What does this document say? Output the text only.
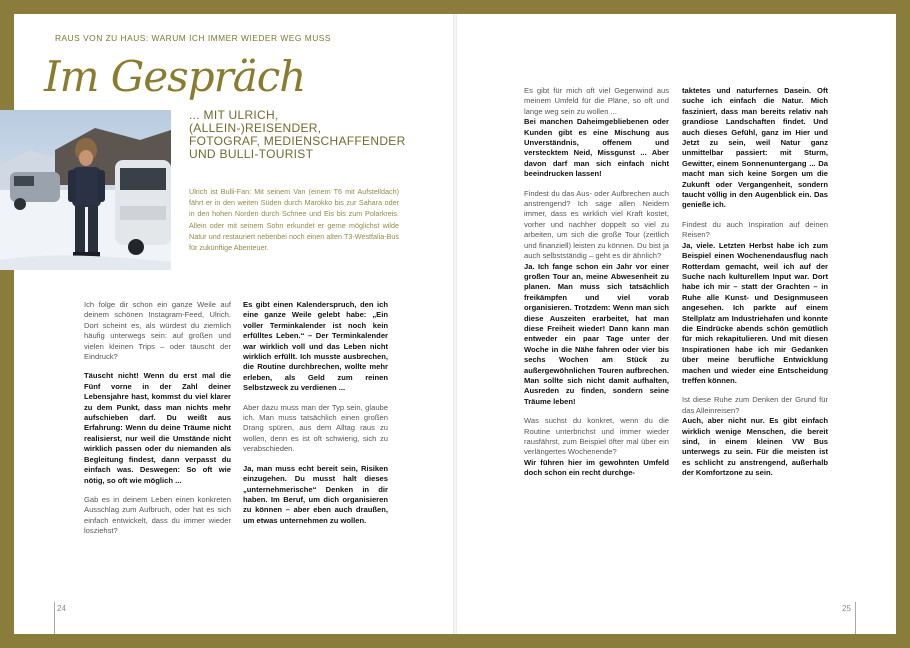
RAUS VON ZU HAUS: WARUM ICH IMMER WIEDER WEG MUSS
Im Gespräch
... MIT ULRICH,
(ALLEIN-)REISENDER,
FOTOGRAF, MEDIENSCHAFFENDER
UND BULLI-TOURIST
Ulrich ist Bulli-Fan: Mit seinem Van (einem T6 mit Aufstelldach) fährt er in den weiten Süden durch Marokko bis zur Sahara oder in den hohen Norden durch Schnee und Eis bis zum Polarkreis. Allein oder mit seinem Sohn erkundet er gerne möglichst wilde Natur und restauriert nebenbei noch einen alten T3-Westfalia-Bus für zukünftige Abenteuer.

Ich folge dir schon ein ganze Weile auf deinem schönen Instagram-Feed, Ulrich. Dort scheint es, als würdest du ziemlich häufig unterwegs sein: auf großen und vielen kleinen Trips – oder täuscht der Eindruck?

Täuscht nicht! Wenn du erst mal die Fünf vorne in der Zahl deiner Lebensjahre hast, kommst du viel klarer zu dem Punkt, dass man nichts mehr aufschieben darf. Du weißt aus Erfahrung: Wenn du deine Träume nicht realisierst, nur weil die Umstände nicht wirklich passen oder du niemanden als Begleitung findest, dann verpasst du einfach was. Deswegen: So oft wie nötig, so oft wie möglich ...

Gab es in deinem Leben einen konkreten Ausschlag zum Aufbruch, oder hat es sich einfach entwickelt, dass du immer wieder losziehst?

Es gibt einen Kalenderspruch, den ich eine ganze Weile gelebt habe: „Ein voller Terminkalender ist noch kein erfülltes Leben.“ – Der Terminkalender war wirklich voll und das Leben nicht wirklich erfüllt. Ich musste ausbrechen, die Routine durchbrechen, wollte mehr erleben, als Geld zum reinen Selbstzweck zu verdienen ...

Aber dazu muss man der Typ sein, glaube ich. Man muss tatsächlich einen großen Drang spüren, aus dem Alltag raus zu wollen, denn es ist oft schwierig, sich zu verabschieden.

Ja, man muss echt bereit sein, Risiken einzugehen. Du musst halt dieses „unternehmerische“ Denken in dir haben. Im Beruf, um dich organisieren zu können – aber eben auch draußen, um etwas unternehmen zu wollen.

Es gibt für mich oft viel Gegenwind aus meinem Umfeld für die Pläne, so oft und lange weg sein zu wollen ...

Bei manchen Daheimgebliebenen oder Kunden gibt es eine Mischung aus Unverständnis, offenem und verstecktem Neid, Missgunst ... Aber davon darf man sich einfach nicht beeindrucken lassen!

Findest du das Aus- oder Aufbrechen auch anstrengend? Ich sage allen Neidern immer, dass es wirklich viel Kraft kostet, vorher und nachher doppelt so viel zu arbeiten, um sich die große Tour (zeitlich und finanziell) leisten zu können. Du bist ja auch selbstständig – geht es dir ähnlich?

Ja. Ich fange schon ein Jahr vor einer großen Tour an, meine Abwesenheit zu planen. Man muss sich tatsächlich freikämpfen und viel vorab organisieren. Trotzdem: Wenn man sich diese Auszeiten erarbeitet, hat man diese Freiheit wieder! Dann kann man entweder ein paar Tage unter der Woche in die Nähe fahren oder vier bis sechs Wochen am Stück zu außergewöhnlichen Touren aufbrechen. Man sollte sich nicht damit aufhalten, Ausreden zu finden, sondern seine Träume leben!

Was suchst du konkret, wenn du die Routine unterbrichst und immer wieder rausfährst, zum Beispiel öfter mal über ein verlängertes Wochenende?

Wir führen hier im gewohnten Umfeld doch schon ein recht durchge-

taktetes und naturfernes Dasein. Oft suche ich einfach die Natur. Mich fasziniert, dass man bereits relativ nah grandiose Landschaften findet. Und auch dieses Gefühl, ganz im Hier und Jetzt zu sein, weil Natur ganz unmittelbar passiert: mit Sturm, Gewitter, einem Sonnenuntergang ... Da macht man sich keine Sorgen um die Zukunft oder Vergangenheit, sondern taucht völlig in den Augenblick ein. Das genieße ich.

Findest du auch Inspiration auf deinen Reisen?

Ja, viele. Letzten Herbst habe ich zum Beispiel einen Wochenendausflug nach Rotterdam gemacht, weil ich auf der Suche nach kulturellem Input war. Dort habe ich mir – statt der Grachten – in Ruhe alle Kunst- und Designmuseen angesehen. Ich parkte auf einem Stellplatz am Industriehafen und konnte die Eindrücke abends schön gemütlich für mich rekapitulieren. Und mit diesen Inspirationen habe ich mir Gedanken über meine berufliche Entwicklung machen und wieder eine Entscheidung treffen können.

Ist diese Ruhe zum Denken der Grund für das Alleinreisen?

Auch, aber nicht nur. Es gibt einfach wirklich wenige Menschen, die bereit sind, in einem kleinen VW Bus unterwegs zu sein. Für die meisten ist es schlicht zu anstrengend, außerhalb der Komfortzone zu sein.

24	25
